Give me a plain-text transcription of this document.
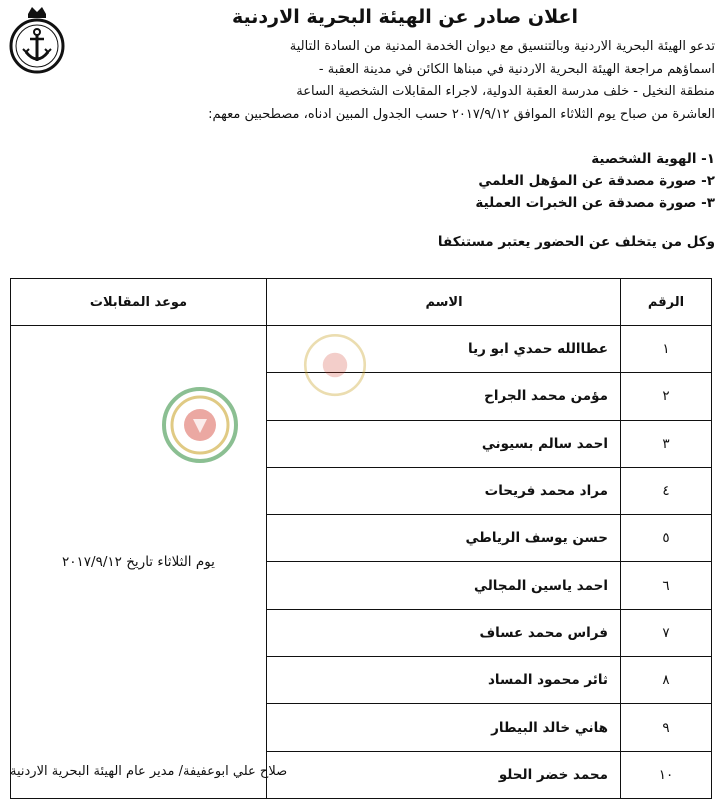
اعلان صادر عن الهيئة البحرية الاردنية
تدعو الهيئة البحرية الاردنية وبالتنسيق مع ديوان الخدمة المدنية من السادة التالية
اسماؤهم مراجعة الهيئة البحرية الاردنية في مبناها الكائن في مدينة العقبة -
منطقة النخيل - خلف مدرسة العقبة الدولية، لاجراء المقابلات الشخصية الساعة
العاشرة من صباح يوم الثلاثاء الموافق ٢٠١٧/٩/١٢ حسب الجدول المبين ادناه، مصطحبين معهم:
١- الهوية الشخصية
٢- صورة مصدقة عن المؤهل العلمي
٣- صورة مصدقة عن الخبرات العملية
وكل من يتخلف عن الحضور يعتبر مستنكفا
الرقم	الاسم	موعد المقابلات
١	عطاالله حمدي ابو ريا	يوم الثلاثاء تاريخ ٢٠١٧/٩/١٢
٢	مؤمن محمد الجراح	
٣	احمد سالم بسيوني	
٤	مراد محمد فريحات	
٥	حسن يوسف الرياطي	
٦	احمد ياسين المجالي	
٧	فراس محمد عساف	
٨	ثائر محمود المساد	
٩	هاني خالد البيطار	
١٠	محمد خضر الحلو	
صلاح علي ابوعفيفة/ مدير عام الهيئة البحرية الاردنية
